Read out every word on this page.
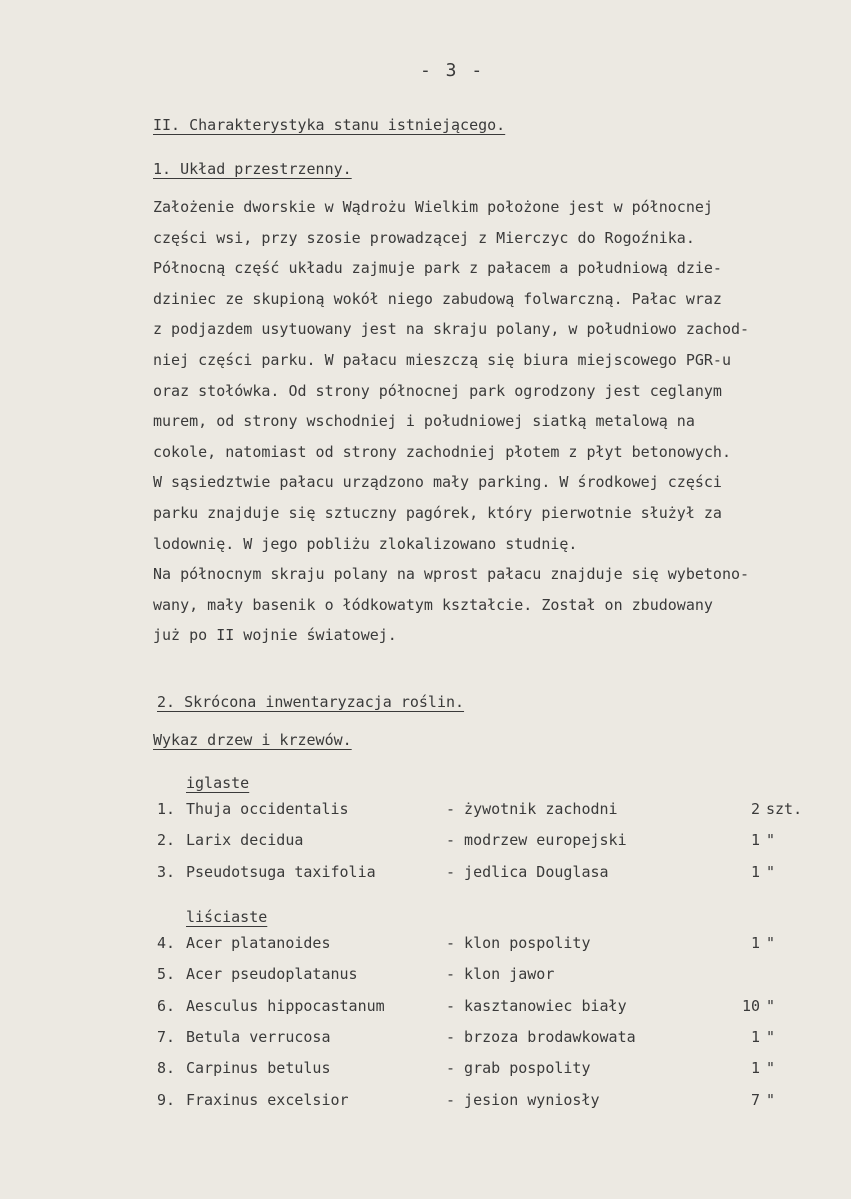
- 3 -
II. Charakterystyka stanu istniejącego.
1. Układ przestrzenny.
Założenie dworskie w Wądrożu Wielkim położone jest w północnej
części wsi, przy szosie prowadzącej z Mierczyc do Rogoźnika.
Północną część układu zajmuje park z pałacem a południową dzie-
dziniec ze skupioną wokół niego zabudową folwarczną. Pałac wraz
z podjazdem usytuowany jest na skraju polany, w południowo zachod-
niej części parku. W pałacu mieszczą się biura miejscowego PGR-u
oraz stołówka. Od strony północnej park ogrodzony jest ceglanym
murem, od strony wschodniej i południowej siatką metalową na
cokole, natomiast od strony zachodniej płotem z płyt betonowych.
W sąsiedztwie pałacu urządzono mały parking. W środkowej części
parku znajduje się sztuczny pagórek, który pierwotnie służył za
lodownię. W jego pobliżu zlokalizowano studnię.
Na północnym skraju polany na wprost pałacu znajduje się wybetono-
wany, mały basenik o łódkowatym kształcie. Został on zbudowany
już po II wojnie światowej.
2. Skrócona inwentaryzacja roślin.
Wykaz drzew i krzewów.
iglaste
1. Thuja occidentalis	- żywotnik zachodni	2 szt.
2. Larix decidua	- modrzew europejski	1 "
3. Pseudotsuga taxifolia	- jedlica Douglasa	1 "
liściaste
4. Acer platanoides	- klon pospolity	1 "
5. Acer pseudoplatanus	- klon jawor
6. Aesculus hippocastanum	- kasztanowiec biały	10 "
7. Betula verrucosa	- brzoza brodawkowata	1 "
8. Carpinus betulus	- grab pospolity	1 "
9. Fraxinus excelsior	- jesion wyniosły	7 "
